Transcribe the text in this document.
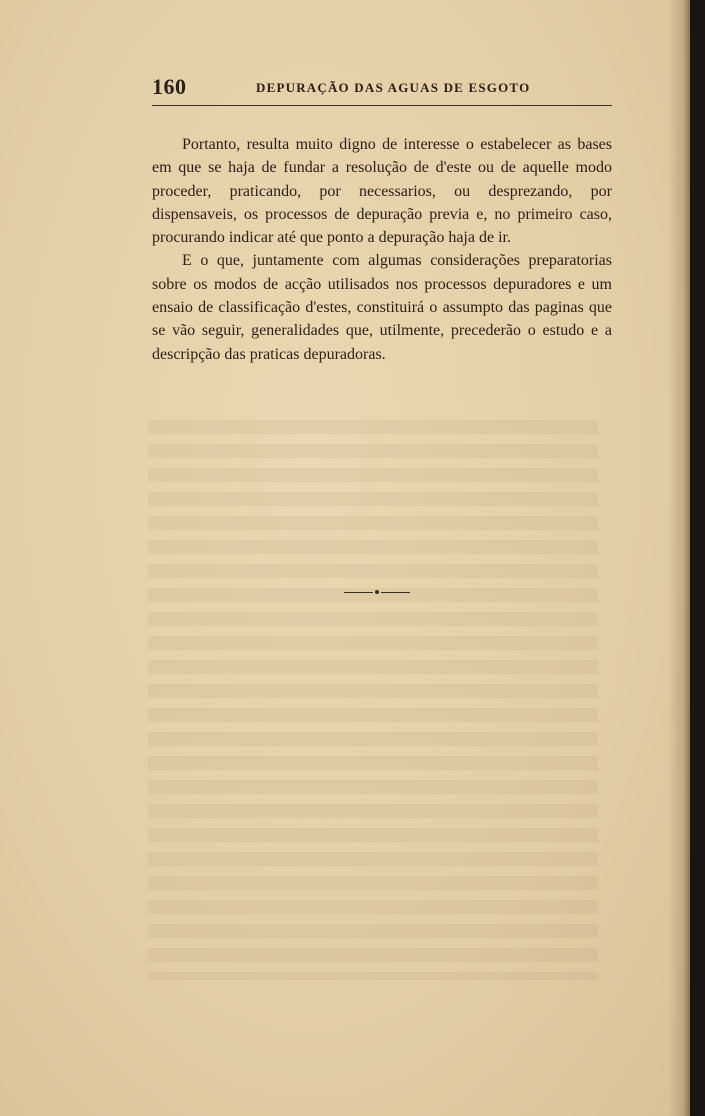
160	DEPURAÇÃO DAS AGUAS DE ESGOTO

Portanto, resulta muito digno de interesse o estabelecer as bases em que se haja de fundar a resolução de d'este ou de aquelle modo proceder, praticando, por necessarios, ou desprezando, por dispensaveis, os processos de depuração previa e, no primeiro caso, procurando indicar até que ponto a depuração haja de ir.

E o que, juntamente com algumas considerações preparatorias sobre os modos de acção utilisados nos processos depuradores e um ensaio de classificação d'estes, constituirá o assumpto das paginas que se vão seguir, generalidades que, utilmente, precederão o estudo e a descripção das praticas depuradoras.
